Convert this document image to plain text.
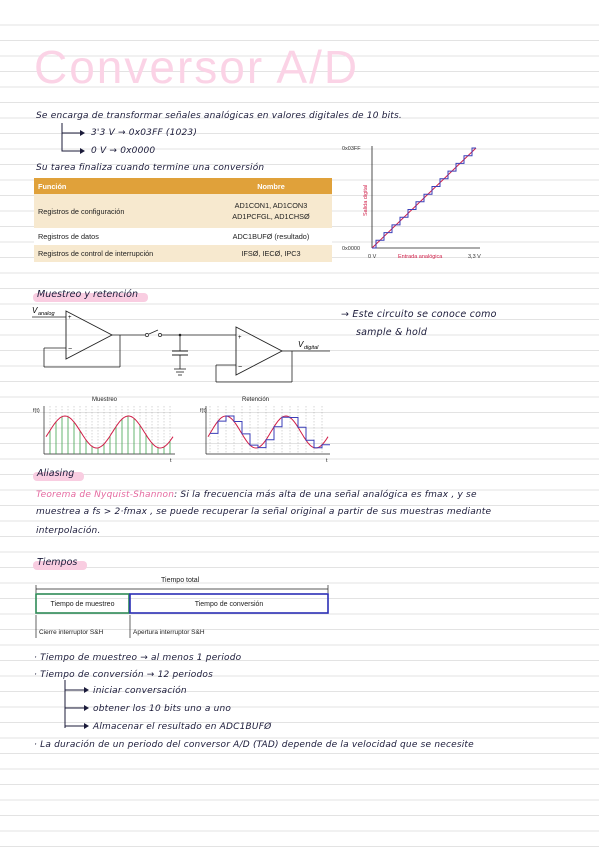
Conversor A/D
Se encarga de transformar señales analógicas en valores digitales de 10 bits.
3'3 V → 0x03FF (1023)
0 V → 0x0000
Su tarea finaliza cuando termine una conversión
Función	Nombre
Registros de configuración	AD1CON1, AD1CON3
AD1PCFGL, AD1CHSØ
Registros de datos	ADC1BUFØ (resultado)
Registros de control de interrupción	IFSØ, IECØ, IPC3
0x03FF
0x0000
Salida digital
0 V	Entrada analógica	3,3 V
Muestreo y retención
V analog
+
−
+
−
V digital
→ Este circuito se conoce como
sample & hold
Muestreo	Retención
f(t)	f(t)
t	t
Aliasing
Teorema de Nyquist-Shannon: Si la frecuencia más alta de una señal analógica es fmax , y se
muestrea a fs > 2·fmax , se puede recuperar la señal original a partir de sus muestras mediante
interpolación.
Tiempos
Tiempo total
Tiempo de muestreo	Tiempo de conversión
Cierre interruptor S&H	Apertura interruptor S&H
· Tiempo de muestreo → al menos 1 periodo
· Tiempo de conversión → 12 periodos
iniciar conversación
obtener los 10 bits uno a uno
Almacenar el resultado en ADC1BUFØ
· La duración de un periodo del conversor A/D (TAD) depende de la velocidad que se necesite
